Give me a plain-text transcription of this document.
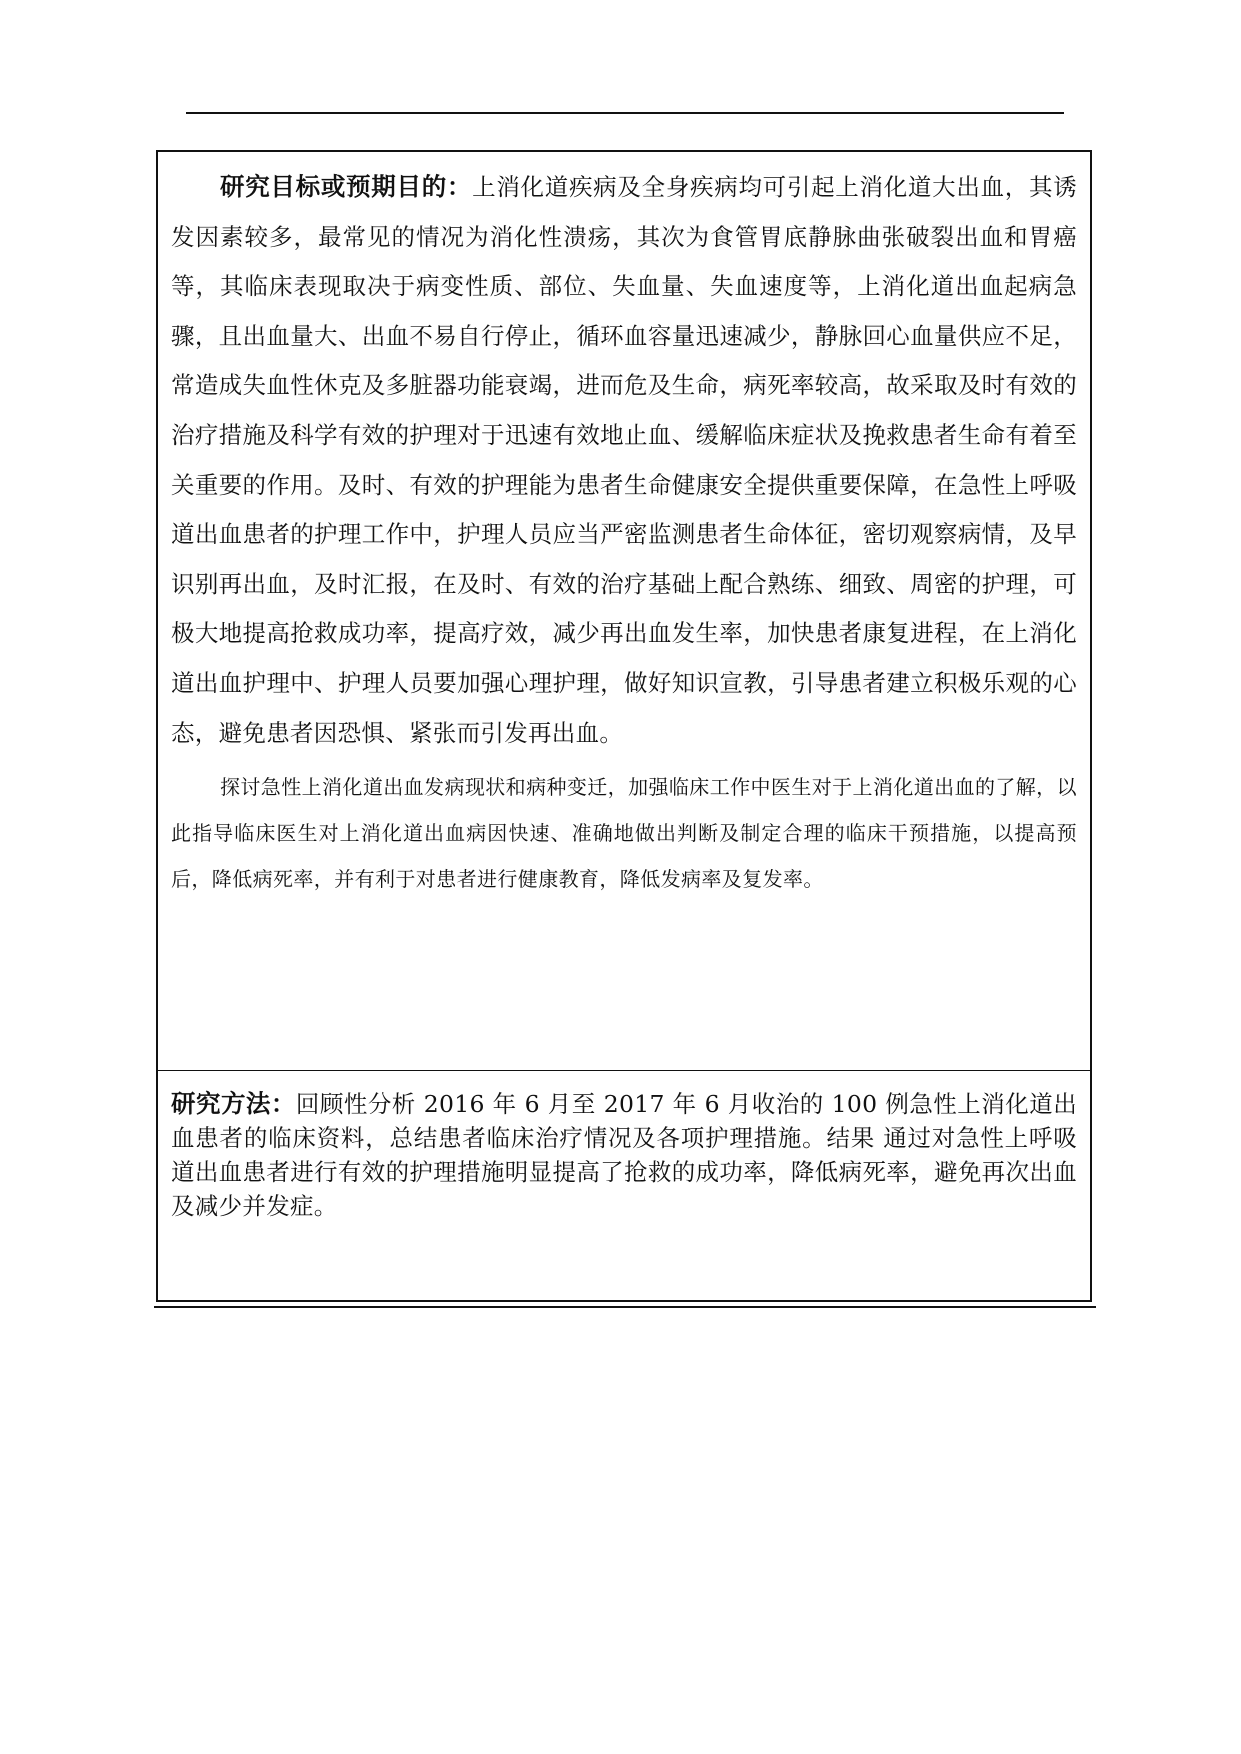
研究目标或预期目的：上消化道疾病及全身疾病均可引起上消化道大出血，其诱发因素较多，最常见的情况为消化性溃疡，其次为食管胃底静脉曲张破裂出血和胃癌等，其临床表现取决于病变性质、部位、失血量、失血速度等，上消化道出血起病急骤，且出血量大、出血不易自行停止，循环血容量迅速减少，静脉回心血量供应不足，常造成失血性休克及多脏器功能衰竭，进而危及生命，病死率较高，故采取及时有效的治疗措施及科学有效的护理对于迅速有效地止血、缓解临床症状及挽救患者生命有着至关重要的作用。及时、有效的护理能为患者生命健康安全提供重要保障，在急性上呼吸道出血患者的护理工作中，护理人员应当严密监测患者生命体征，密切观察病情，及早识别再出血，及时汇报，在及时、有效的治疗基础上配合熟练、细致、周密的护理，可极大地提高抢救成功率，提高疗效，减少再出血发生率，加快患者康复进程，在上消化道出血护理中、护理人员要加强心理护理，做好知识宣教，引导患者建立积极乐观的心态，避免患者因恐惧、紧张而引发再出血。

探讨急性上消化道出血发病现状和病种变迁，加强临床工作中医生对于上消化道出血的了解，以此指导临床医生对上消化道出血病因快速、准确地做出判断及制定合理的临床干预措施，以提高预后，降低病死率，并有利于对患者进行健康教育，降低发病率及复发率。

研究方法：回顾性分析 2016 年 6 月至 2017 年 6 月收治的 100 例急性上消化道出血患者的临床资料，总结患者临床治疗情况及各项护理措施。结果 通过对急性上呼吸道出血患者进行有效的护理措施明显提高了抢救的成功率，降低病死率，避免再次出血及减少并发症。
